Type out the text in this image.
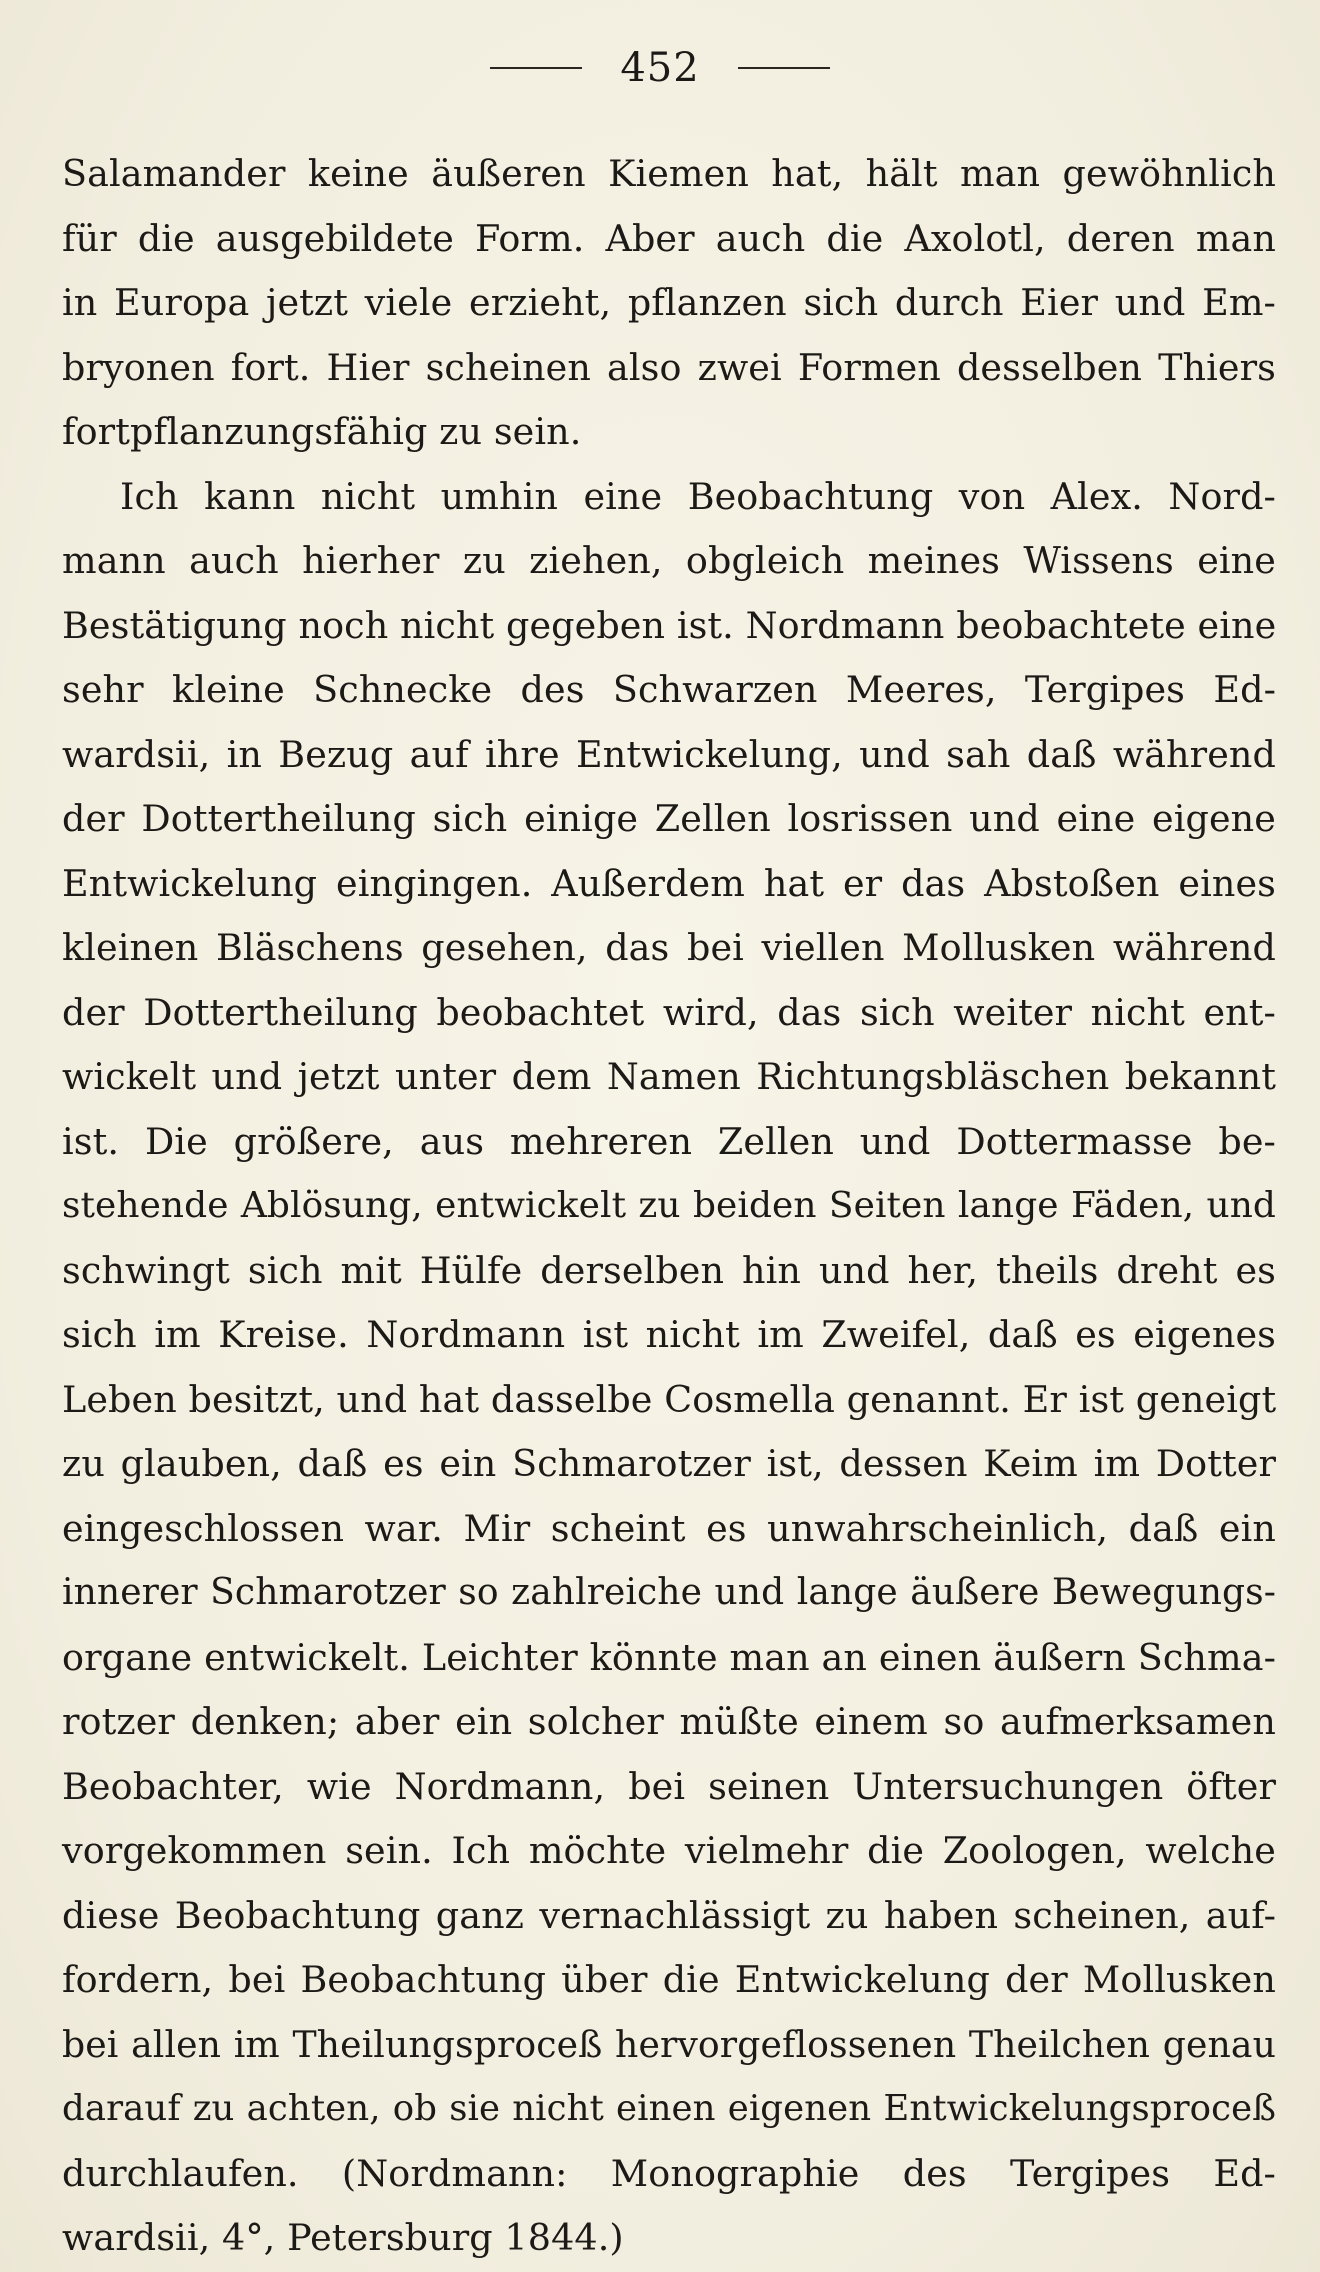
452
Salamander keine äußeren Kiemen hat, hält man gewöhnlich
für die ausgebildete Form. Aber auch die Axolotl, deren man
in Europa jetzt viele erzieht, pflanzen sich durch Eier und Em-
bryonen fort. Hier scheinen also zwei Formen desselben Thiers
fortpflanzungsfähig zu sein.
Ich kann nicht umhin eine Beobachtung von Alex. Nord-
mann auch hierher zu ziehen, obgleich meines Wissens eine
Bestätigung noch nicht gegeben ist. Nordmann beobachtete eine
sehr kleine Schnecke des Schwarzen Meeres, Tergipes Ed-
wardsii, in Bezug auf ihre Entwickelung, und sah daß während
der Dottertheilung sich einige Zellen losrissen und eine eigene
Entwickelung eingingen. Außerdem hat er das Abstoßen eines
kleinen Bläschens gesehen, das bei viellen Mollusken während
der Dottertheilung beobachtet wird, das sich weiter nicht ent-
wickelt und jetzt unter dem Namen Richtungsbläschen bekannt
ist. Die größere, aus mehreren Zellen und Dottermasse be-
stehende Ablösung, entwickelt zu beiden Seiten lange Fäden, und
schwingt sich mit Hülfe derselben hin und her, theils dreht es
sich im Kreise. Nordmann ist nicht im Zweifel, daß es eigenes
Leben besitzt, und hat dasselbe Cosmella genannt. Er ist geneigt
zu glauben, daß es ein Schmarotzer ist, dessen Keim im Dotter
eingeschlossen war. Mir scheint es unwahrscheinlich, daß ein
innerer Schmarotzer so zahlreiche und lange äußere Bewegungs-
organe entwickelt. Leichter könnte man an einen äußern Schma-
rotzer denken; aber ein solcher müßte einem so aufmerksamen
Beobachter, wie Nordmann, bei seinen Untersuchungen öfter
vorgekommen sein. Ich möchte vielmehr die Zoologen, welche
diese Beobachtung ganz vernachlässigt zu haben scheinen, auf-
fordern, bei Beobachtung über die Entwickelung der Mollusken
bei allen im Theilungsproceß hervorgeflossenen Theilchen genau
darauf zu achten, ob sie nicht einen eigenen Entwickelungsproceß
durchlaufen. (Nordmann: Monographie des Tergipes Ed-
wardsii, 4°, Petersburg 1844.)
